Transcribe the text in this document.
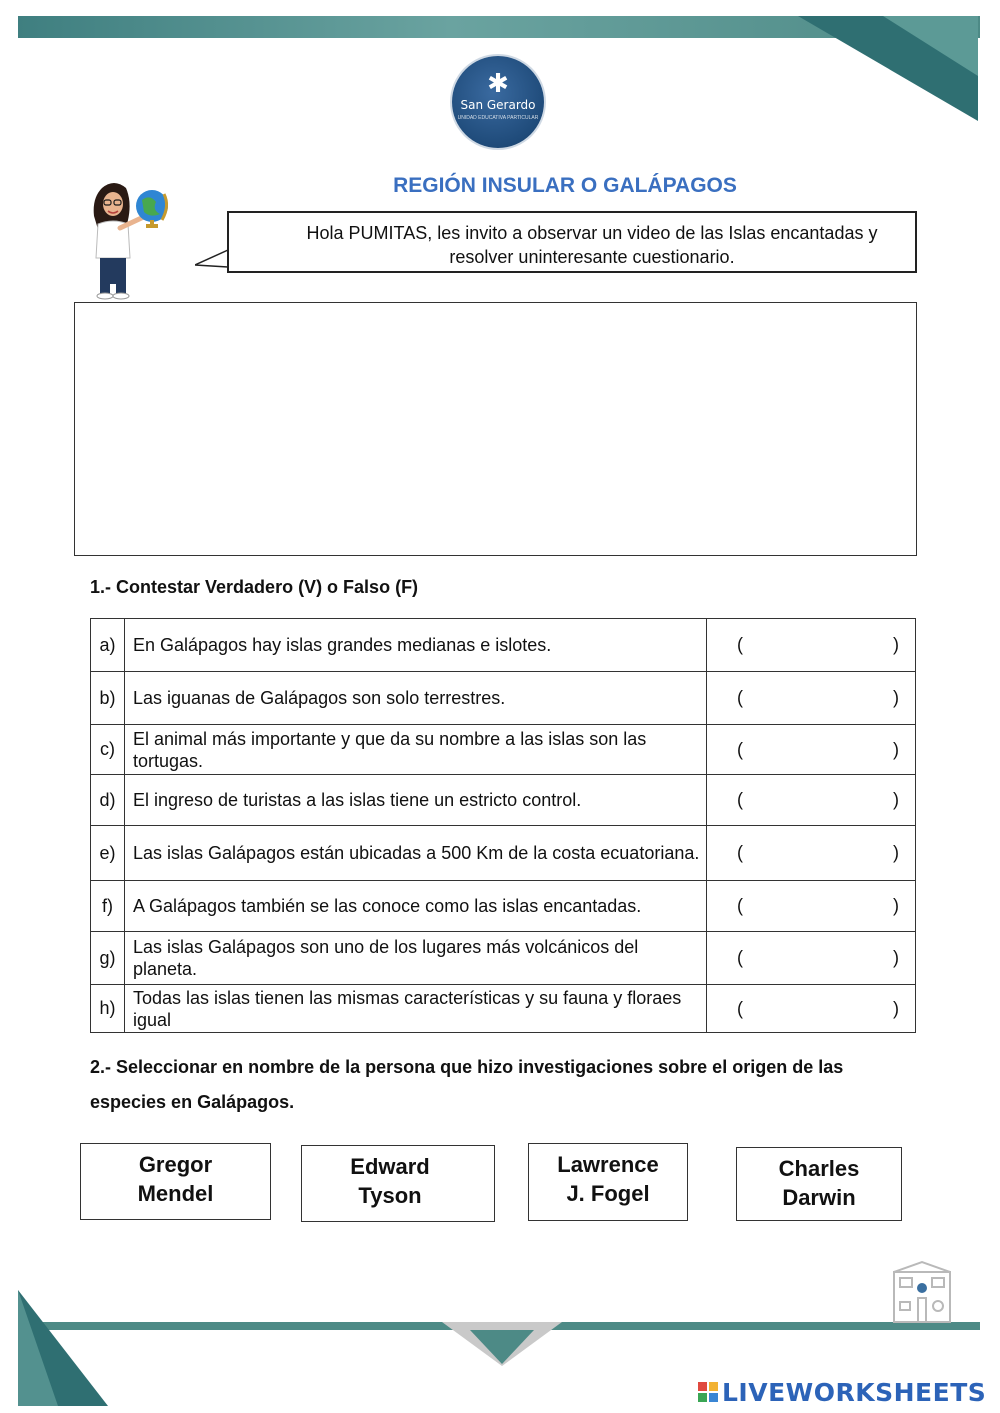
✱
San Gerardo
UNIDAD EDUCATIVA PARTICULAR
REGIÓN INSULAR O GALÁPAGOS
Hola PUMITAS, les invito a observar un video de las Islas encantadas y
resolver uninteresante cuestionario.
1.- Contestar Verdadero (V) o Falso (F)
a)	En Galápagos hay islas grandes medianas e islotes.	( )

b)	Las iguanas de Galápagos son solo terrestres.	( )

c)	El animal más importante y que da su nombre a las islas son las tortugas.	( )

d)	El ingreso de turistas a las islas tiene un estricto control.	( )

e)	Las islas Galápagos están ubicadas a 500 Km de la costa ecuatoriana.	( )

f)	A Galápagos también se las conoce como las islas encantadas.	( )

g)	Las islas Galápagos son uno de los lugares más volcánicos del planeta.	( )

h)	Todas las islas tienen las mismas características y su fauna y floraes igual	( )
2.- Seleccionar en nombre de la persona que hizo investigaciones sobre el origen de las especies en Galápagos.
Gregor
Mendel
Edward
Tyson
Lawrence
J. Fogel
Charles
Darwin
LIVEWORKSHEETS
